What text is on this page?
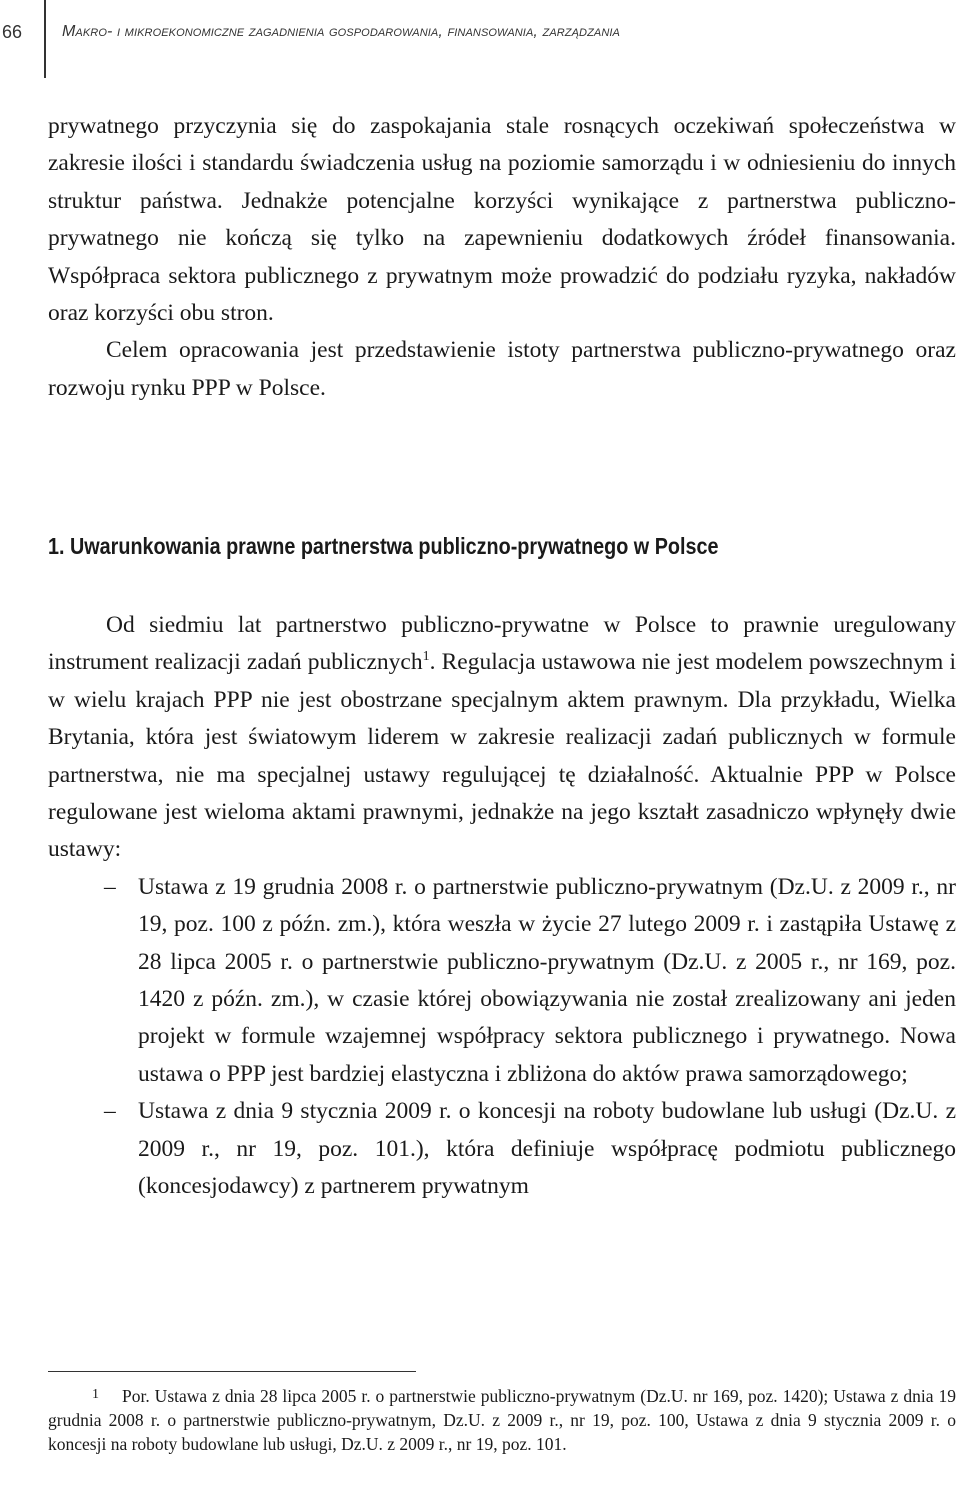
66	Makro- i mikroekonomiczne zagadnienia gospodarowania, finansowania, zarządzania

prywatnego przyczynia się do zaspokajania stale rosnących oczekiwań społeczeństwa w zakresie ilości i standardu świadczenia usług na poziomie samorządu i w odniesieniu do innych struktur państwa. Jednakże potencjalne korzyści wynikające z partnerstwa publiczno-prywatnego nie kończą się tylko na zapewnieniu dodatkowych źródeł finansowania. Współpraca sektora publicznego z prywatnym może prowadzić do podziału ryzyka, nakładów oraz korzyści obu stron.

Celem opracowania jest przedstawienie istoty partnerstwa publiczno-prywatnego oraz rozwoju rynku PPP w Polsce.

1. Uwarunkowania prawne partnerstwa publiczno-prywatnego w Polsce

Od siedmiu lat partnerstwo publiczno-prywatne w Polsce to prawnie uregulowany instrument realizacji zadań publicznych$^1$. Regulacja ustawowa nie jest modelem powszechnym i w wielu krajach PPP nie jest obostrzane specjalnym aktem prawnym. Dla przykładu, Wielka Brytania, która jest światowym liderem w zakresie realizacji zadań publicznych w formule partnerstwa, nie ma specjalnej ustawy regulującej tę działalność. Aktualnie PPP w Polsce regulowane jest wieloma aktami prawnymi, jednakże na jego kształt zasadniczo wpłynęły dwie ustawy:

– Ustawa z 19 grudnia 2008 r. o partnerstwie publiczno-prywatnym (Dz.U. z 2009 r., nr 19, poz. 100 z późn. zm.), która weszła w życie 27 lutego 2009 r. i zastąpiła Ustawę z 28 lipca 2005 r. o partnerstwie publiczno-prywatnym (Dz.U. z 2005 r., nr 169, poz. 1420 z późn. zm.), w czasie której obowiązywania nie został zrealizowany ani jeden projekt w formule wzajemnej współpracy sektora publicznego i prywatnego. Nowa ustawa o PPP jest bardziej elastyczna i zbliżona do aktów prawa samorządowego;
– Ustawa z dnia 9 stycznia 2009 r. o koncesji na roboty budowlane lub usługi (Dz.U. z 2009 r., nr 19, poz. 101.), która definiuje współpracę podmiotu publicznego (koncesjodawcy) z partnerem prywatnym

1 Por. Ustawa z dnia 28 lipca 2005 r. o partnerstwie publiczno-prywatnym (Dz.U. nr 169, poz. 1420); Ustawa z dnia 19 grudnia 2008 r. o partnerstwie publiczno-prywatnym, Dz.U. z 2009 r., nr 19, poz. 100, Ustawa z dnia 9 stycznia 2009 r. o koncesji na roboty budowlane lub usługi, Dz.U. z 2009 r., nr 19, poz. 101.
